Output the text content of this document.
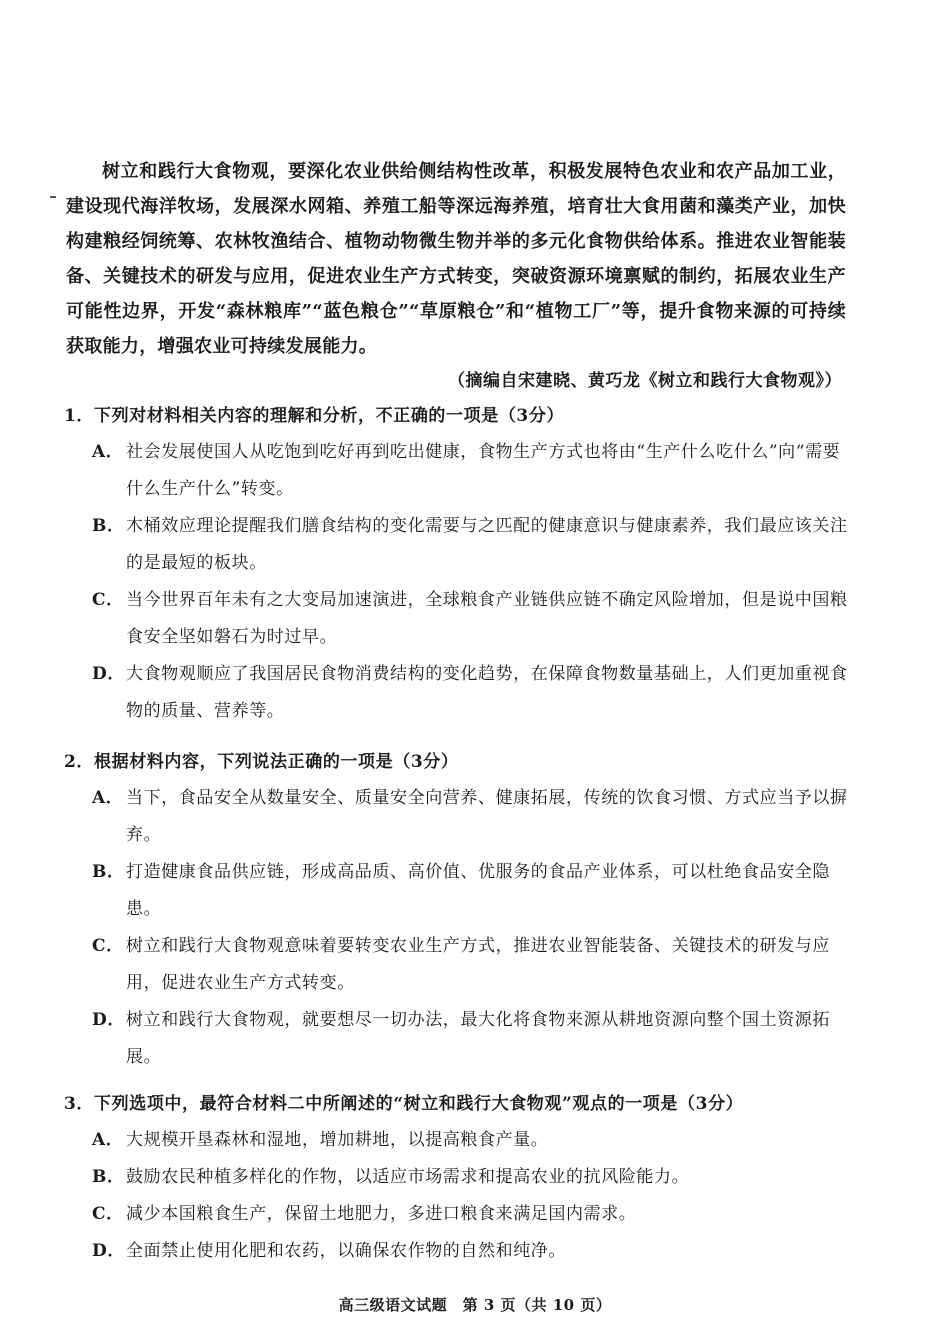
树立和践行大食物观，要深化农业供给侧结构性改革，积极发展特色农业和农产品加工业，建设现代海洋牧场，发展深水网箱、养殖工船等深远海养殖，培育壮大食用菌和藻类产业，加快构建粮经饲统筹、农林牧渔结合、植物动物微生物并举的多元化食物供给体系。推进农业智能装备、关键技术的研发与应用，促进农业生产方式转变，突破资源环境禀赋的制约，拓展农业生产可能性边界，开发“森林粮库”“蓝色粮仓”“草原粮仓”和“植物工厂”等，提升食物来源的可持续获取能力，增强农业可持续发展能力。

（摘编自宋建晓、黄巧龙《树立和践行大食物观》）

1．下列对材料相关内容的理解和分析，不正确的一项是（3分）

A． 社会发展使国人从吃饱到吃好再到吃出健康，食物生产方式也将由“生产什么吃什么”向“需要什么生产什么”转变。
B． 木桶效应理论提醒我们膳食结构的变化需要与之匹配的健康意识与健康素养，我们最应该关注的是最短的板块。
C． 当今世界百年未有之大变局加速演进，全球粮食产业链供应链不确定风险增加，但是说中国粮食安全坚如磐石为时过早。
D． 大食物观顺应了我国居民食物消费结构的变化趋势，在保障食物数量基础上，人们更加重视食物的质量、营养等。

2．根据材料内容，下列说法正确的一项是（3分）

A． 当下，食品安全从数量安全、质量安全向营养、健康拓展，传统的饮食习惯、方式应当予以摒弃。
B． 打造健康食品供应链，形成高品质、高价值、优服务的食品产业体系，可以杜绝食品安全隐患。
C． 树立和践行大食物观意味着要转变农业生产方式，推进农业智能装备、关键技术的研发与应用，促进农业生产方式转变。
D． 树立和践行大食物观，就要想尽一切办法，最大化将食物来源从耕地资源向整个国土资源拓展。

3．下列选项中，最符合材料二中所阐述的“树立和践行大食物观”观点的一项是（3分）

A． 大规模开垦森林和湿地，增加耕地，以提高粮食产量。
B． 鼓励农民种植多样化的作物，以适应市场需求和提高农业的抗风险能力。
C． 减少本国粮食生产，保留土地肥力，多进口粮食来满足国内需求。
D． 全面禁止使用化肥和农药，以确保农作物的自然和纯净。
高三级语文试题　第 3 页（共 10 页）
